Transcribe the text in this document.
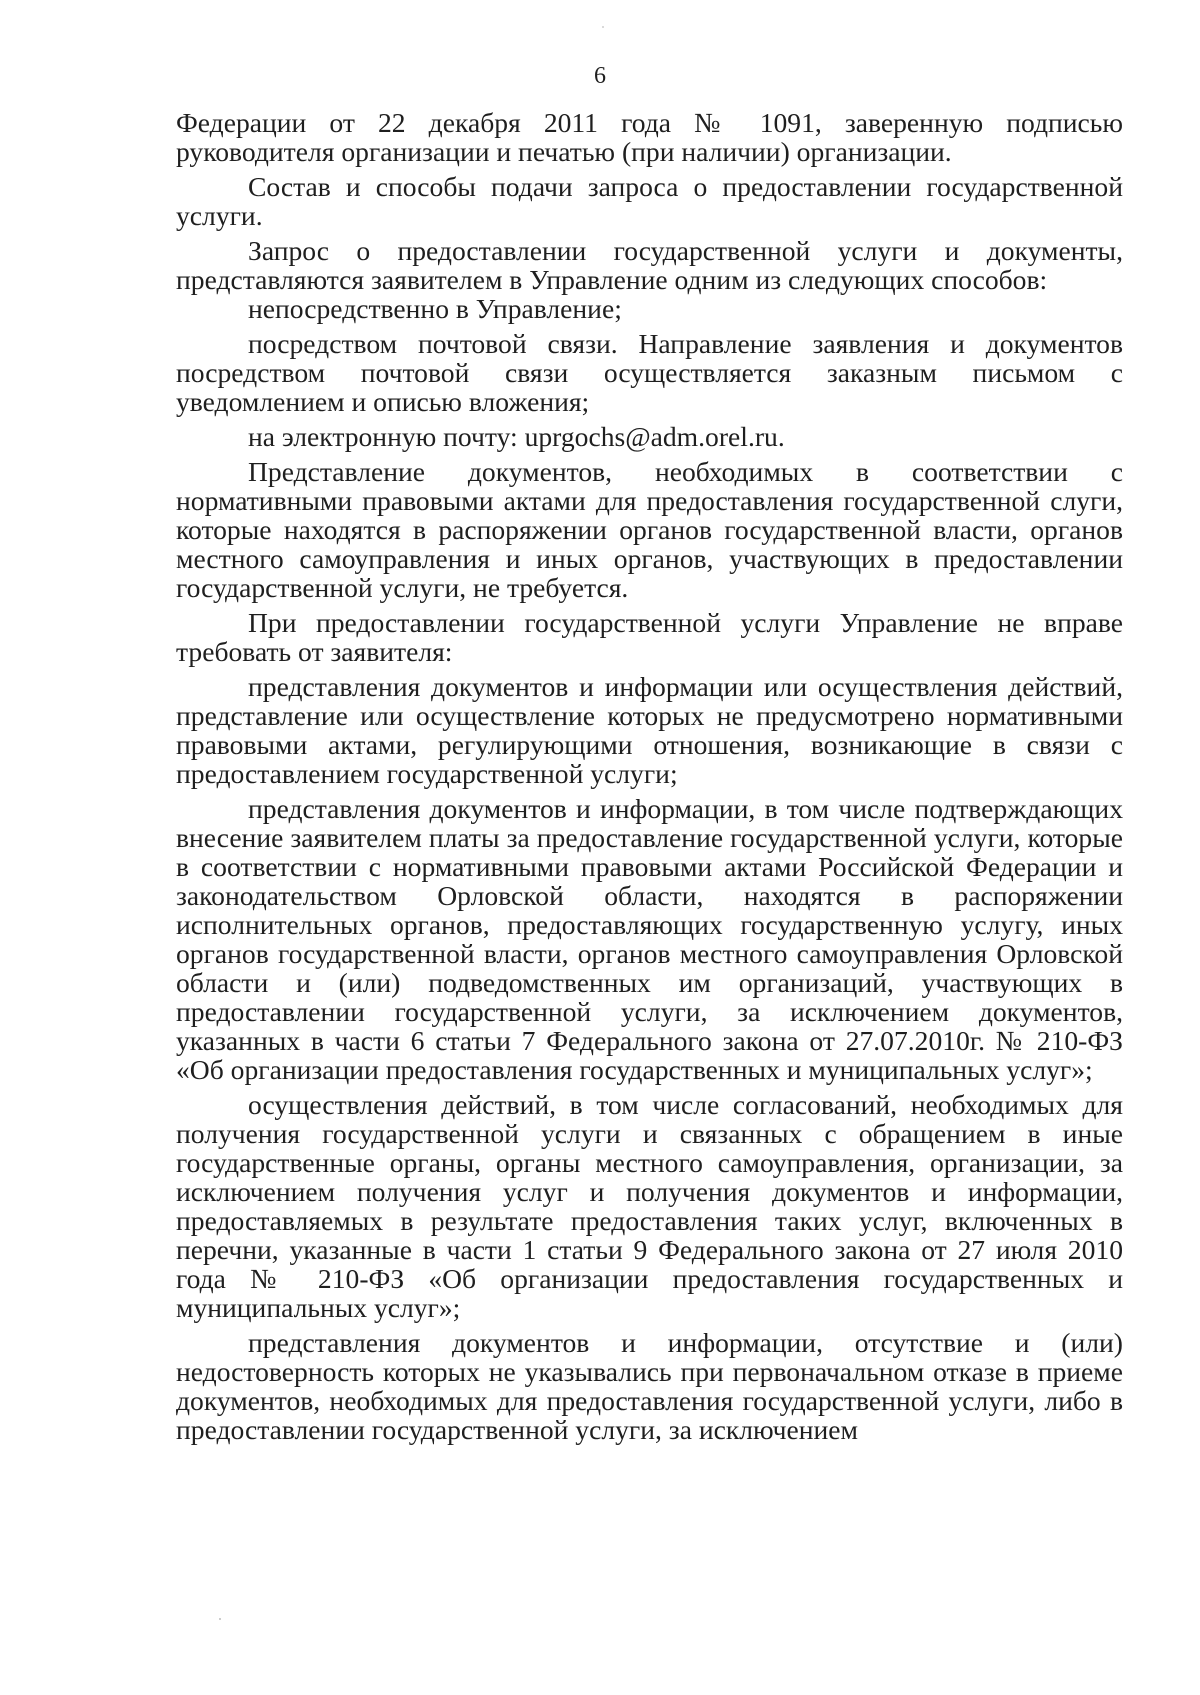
6

Федерации от 22 декабря 2011 года № 1091, заверенную подписью руководителя организации и печатью (при наличии) организации.

Состав и способы подачи запроса о предоставлении государственной услуги.

Запрос о предоставлении государственной услуги и документы, представляются заявителем в Управление одним из следующих способов:

непосредственно в Управление;

посредством почтовой связи. Направление заявления и документов посредством почтовой связи осуществляется заказным письмом с уведомлением и описью вложения;

на электронную почту: uprgochs@adm.orel.ru.

Представление документов, необходимых в соответствии с нормативными правовыми актами для предоставления государственной слуги, которые находятся в распоряжении органов государственной власти, органов местного самоуправления и иных органов, участвующих в предоставлении государственной услуги, не требуется.

При предоставлении государственной услуги Управление не вправе требовать от заявителя:

представления документов и информации или осуществления действий, представление или осуществление которых не предусмотрено нормативными правовыми актами, регулирующими отношения, возникающие в связи с предоставлением государственной услуги;

представления документов и информации, в том числе подтверждающих внесение заявителем платы за предоставление государственной услуги, которые в соответствии с нормативными правовыми актами Российской Федерации и законодательством Орловской области, находятся в распоряжении исполнительных органов, предоставляющих государственную услугу, иных органов государственной власти, органов местного самоуправления Орловской области и (или) подведомственных им организаций, участвующих в предоставлении государственной услуги, за исключением документов, указанных в части 6 статьи 7 Федерального закона от 27.07.2010г. № 210-ФЗ «Об организации предоставления государственных и муниципальных услуг»;

осуществления действий, в том числе согласований, необходимых для получения государственной услуги и связанных с обращением в иные государственные органы, органы местного самоуправления, организации, за исключением получения услуг и получения документов и информации, предоставляемых в результате предоставления таких услуг, включенных в перечни, указанные в части 1 статьи 9 Федерального закона от 27 июля 2010 года № 210-ФЗ «Об организации предоставления государственных и муниципальных услуг»;

представления документов и информации, отсутствие и (или) недостоверность которых не указывались при первоначальном отказе в приеме документов, необходимых для предоставления государственной услуги, либо в предоставлении государственной услуги, за исключением
